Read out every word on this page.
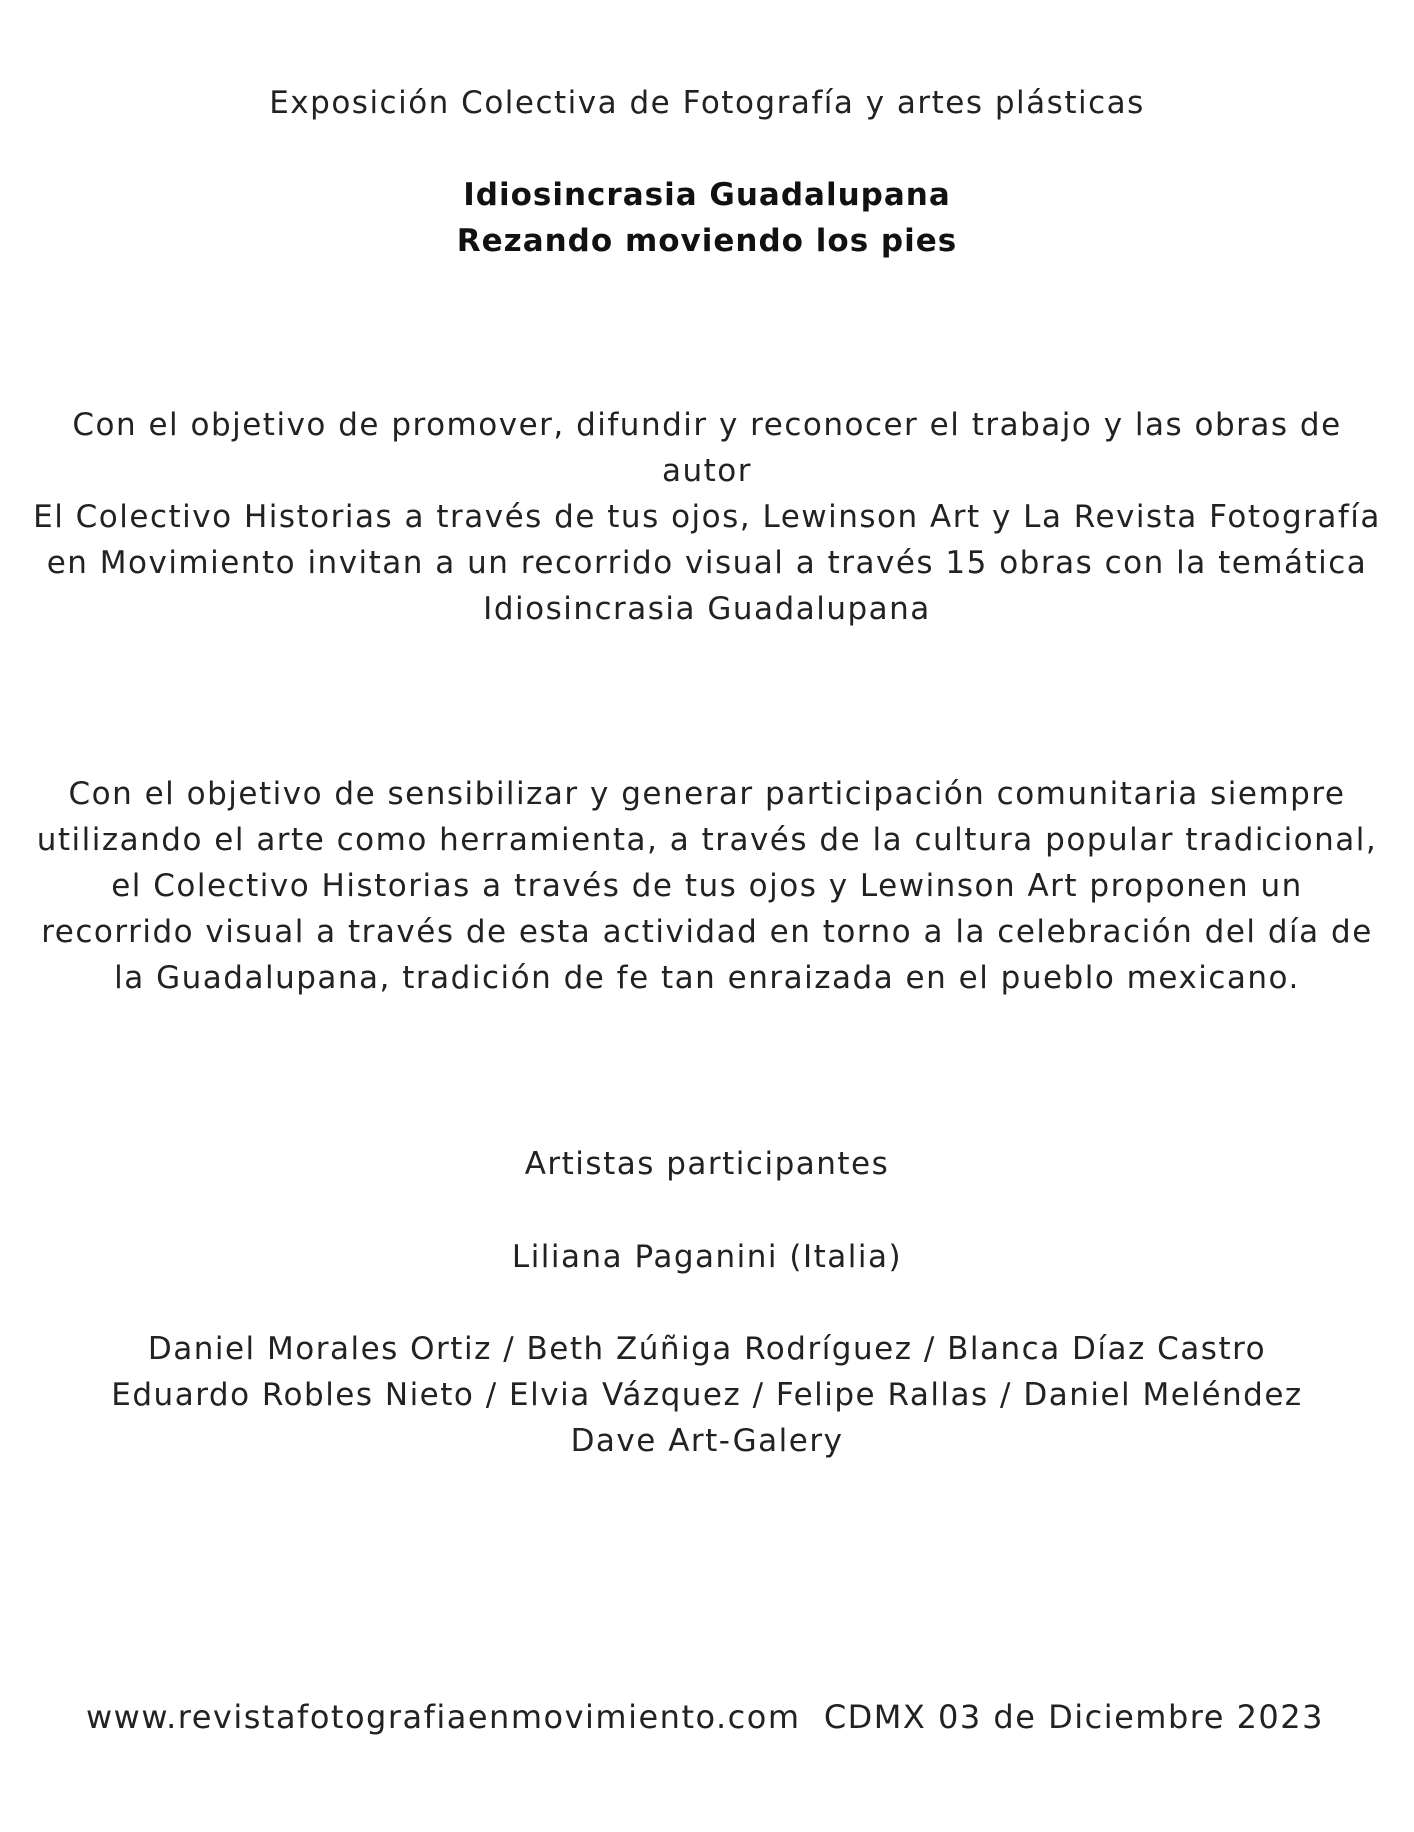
Exposición Colectiva de Fotografía y artes plásticas
Idiosincrasia Guadalupana
Rezando moviendo los pies
Con el objetivo de promover, difundir y reconocer el trabajo y las obras de
autor
El Colectivo Historias a través de tus ojos, Lewinson Art y La Revista Fotografía
en Movimiento invitan a un recorrido visual a través 15 obras con la temática
Idiosincrasia Guadalupana
Con el objetivo de sensibilizar y generar participación comunitaria siempre
utilizando el arte como herramienta, a través de la cultura popular tradicional,
el Colectivo Historias a través de tus ojos y Lewinson Art proponen un
recorrido visual a través de esta actividad en torno a la celebración del día de
la Guadalupana, tradición de fe tan enraizada en el pueblo mexicano.
Artistas participantes
Liliana Paganini (Italia)
Daniel Morales Ortiz / Beth Zúñiga Rodríguez / Blanca Díaz Castro
Eduardo Robles Nieto / Elvia Vázquez / Felipe Rallas / Daniel Meléndez
Dave Art-Galery
www.revistafotografiaenmovimiento.com CDMX 03 de Diciembre 2023
